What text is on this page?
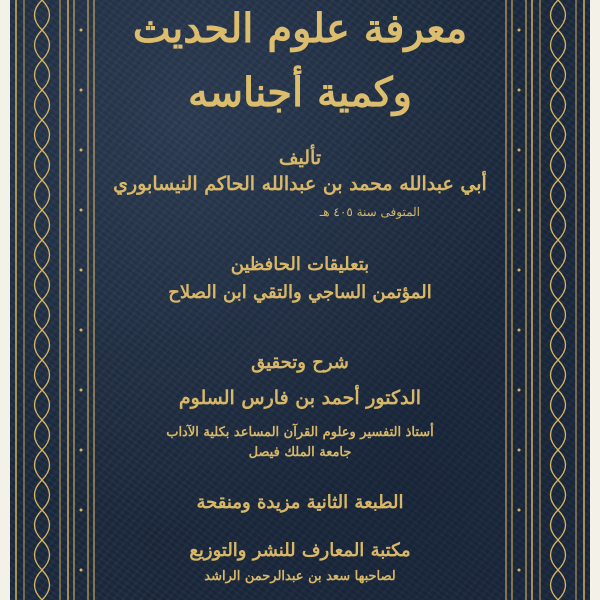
معرفة علوم الحديث
وكمية أجناسه
تأليف
أبي عبدالله محمد بن عبدالله الحاكم النيسابوري
المتوفى سنة ٤٠٥ هـ
بتعليقات الحافظين
المؤتمن الساجي والتقي ابن الصلاح
شرح وتحقيق
الدكتور أحمد بن فارس السلوم
أستاذ التفسير وعلوم القرآن المساعد بكلية الآداب
جامعة الملك فيصل
الطبعة الثانية مزيدة ومنقحة
مكتبة المعارف للنشر والتوزيع
لصاحبها سعد بن عبدالرحمن الراشد
